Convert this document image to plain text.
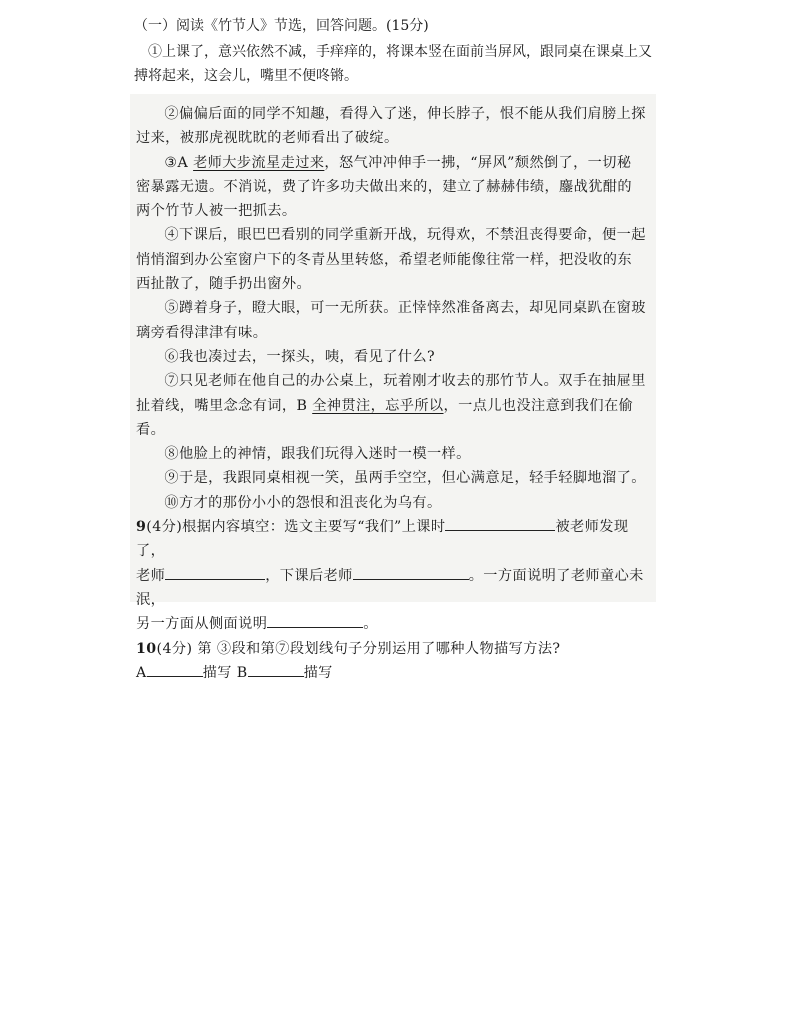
（一）阅读《竹节人》节选，回答问题。(15分)
①上课了，意兴依然不减，手痒痒的，将课本竖在面前当屏风，跟同桌在课桌上又搏将起来，这会儿，嘴里不便咚锵。

②偏偏后面的同学不知趣，看得入了迷，伸长脖子，恨不能从我们肩膀上探过来，被那虎视眈眈的老师看出了破绽。

③A 老师大步流星走过来，怒气冲冲伸手一拂，“屏风”颓然倒了，一切秘密暴露无遗。不消说，费了许多功夫做出来的，建立了赫赫伟绩，鏖战犹酣的两个竹节人被一把抓去。

④下课后，眼巴巴看别的同学重新开战，玩得欢，不禁沮丧得要命，便一起悄悄溜到办公室窗户下的冬青丛里转悠，希望老师能像往常一样，把没收的东西扯散了，随手扔出窗外。

⑤蹲着身子，瞪大眼，可一无所获。正悻悻然准备离去，却见同桌趴在窗玻璃旁看得津津有味。

⑥我也凑过去，一探头，咦，看见了什么?

⑦只见老师在他自己的办公桌上，玩着刚才收去的那竹节人。双手在抽屉里扯着线，嘴里念念有词，B 全神贯注，忘乎所以，一点儿也没注意到我们在偷看。

⑧他脸上的神情，跟我们玩得入迷时一模一样。

⑨于是，我跟同桌相视一笑，虽两手空空，但心满意足，轻手轻脚地溜了。

⑩方才的那份小小的怨恨和沮丧化为乌有。

9(4分)根据内容填空：选文主要写“我们”上课时	被老师发现了，
老师	，下课后老师	。一方面说明了老师童心未泯，
另一方面从侧面说明	。

10(4分) 第 ③段和第⑦段划线句子分别运用了哪种人物描写方法?
A	描写 B	描写
